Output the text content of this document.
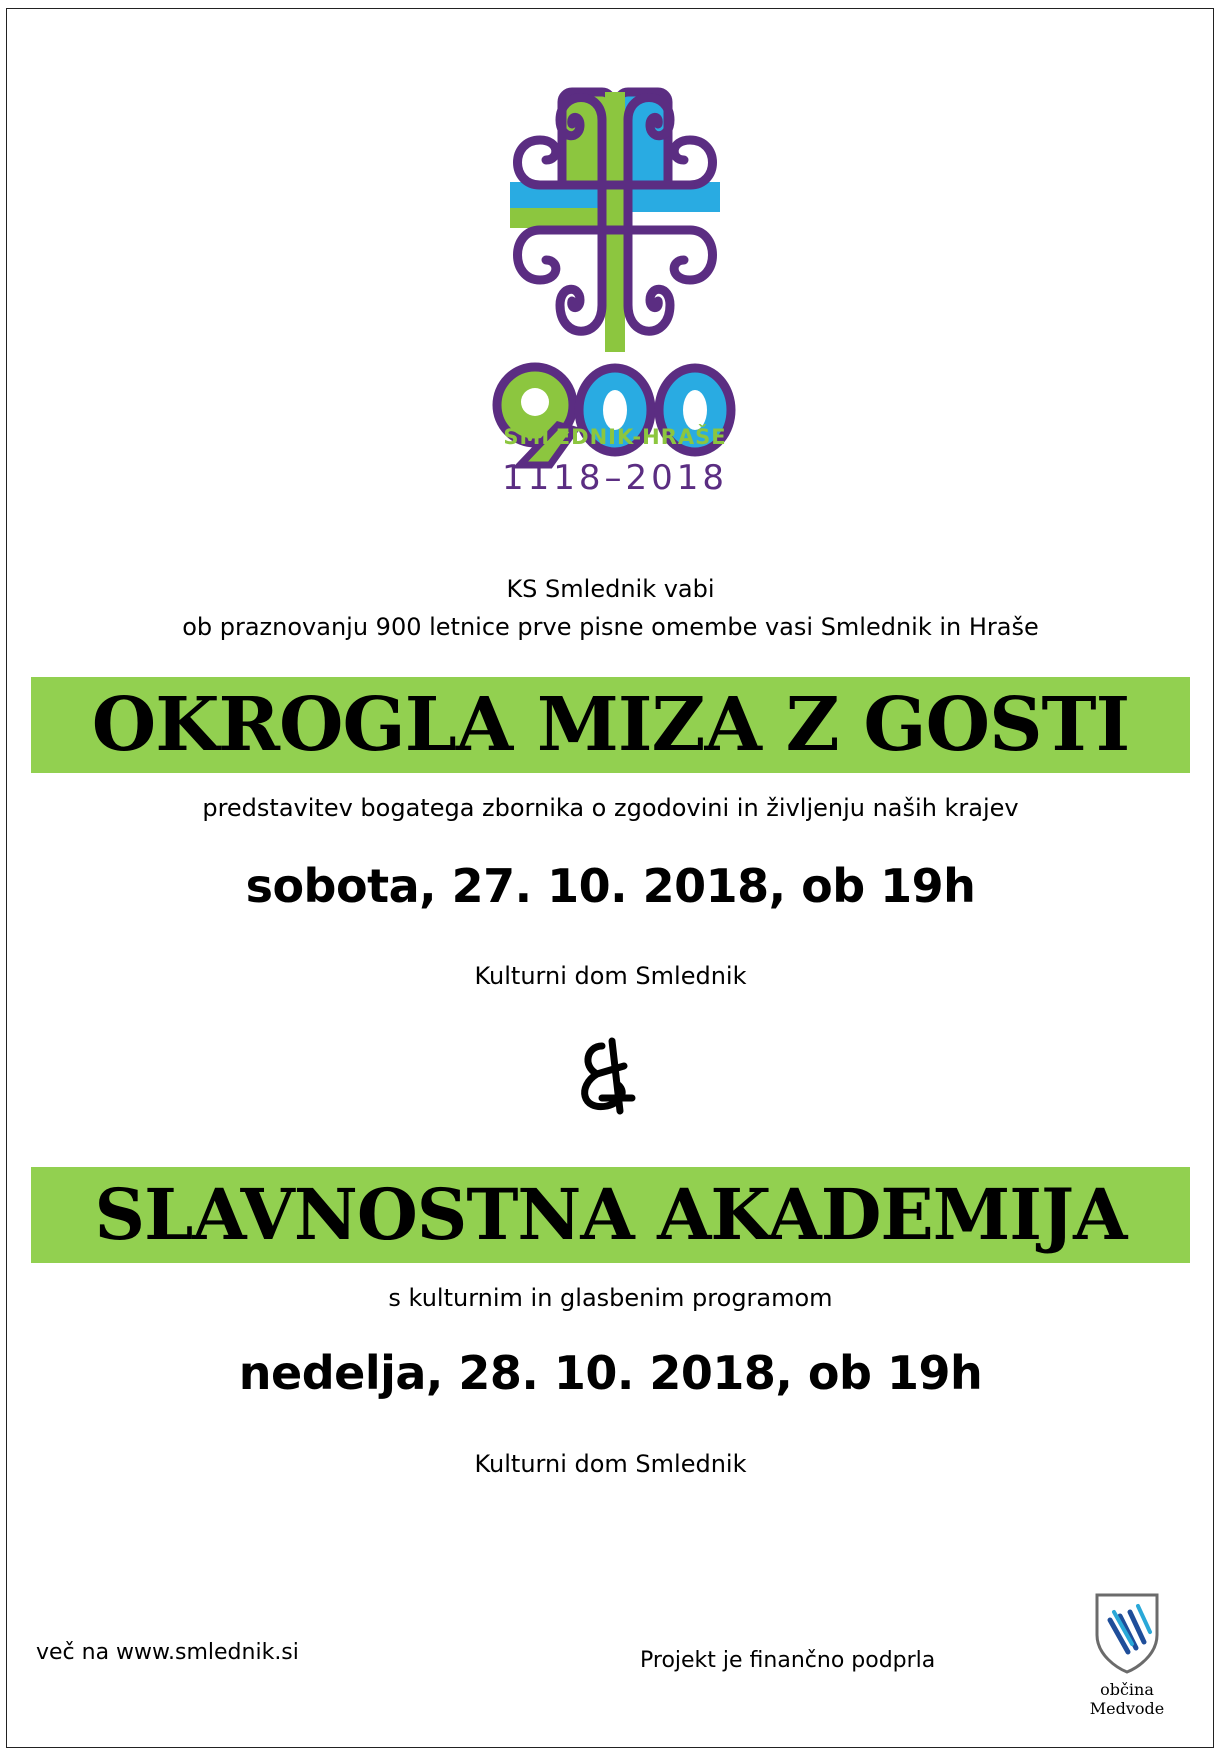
SMLEDNIK-HRAŠE
1118–2018
KS Smlednik vabi
ob praznovanju 900 letnice prve pisne omembe vasi Smlednik in Hraše
OKROGLA MIZA Z GOSTI
predstavitev bogatega zbornika o zgodovini in življenju naših krajev
sobota, 27. 10. 2018, ob 19h
Kulturni dom Smlednik
SLAVNOSTNA AKADEMIJA
s kulturnim in glasbenim programom
nedelja, 28. 10. 2018, ob 19h
Kulturni dom Smlednik
več na www.smlednik.si	Projekt je finančno podprla
občina Medvode
